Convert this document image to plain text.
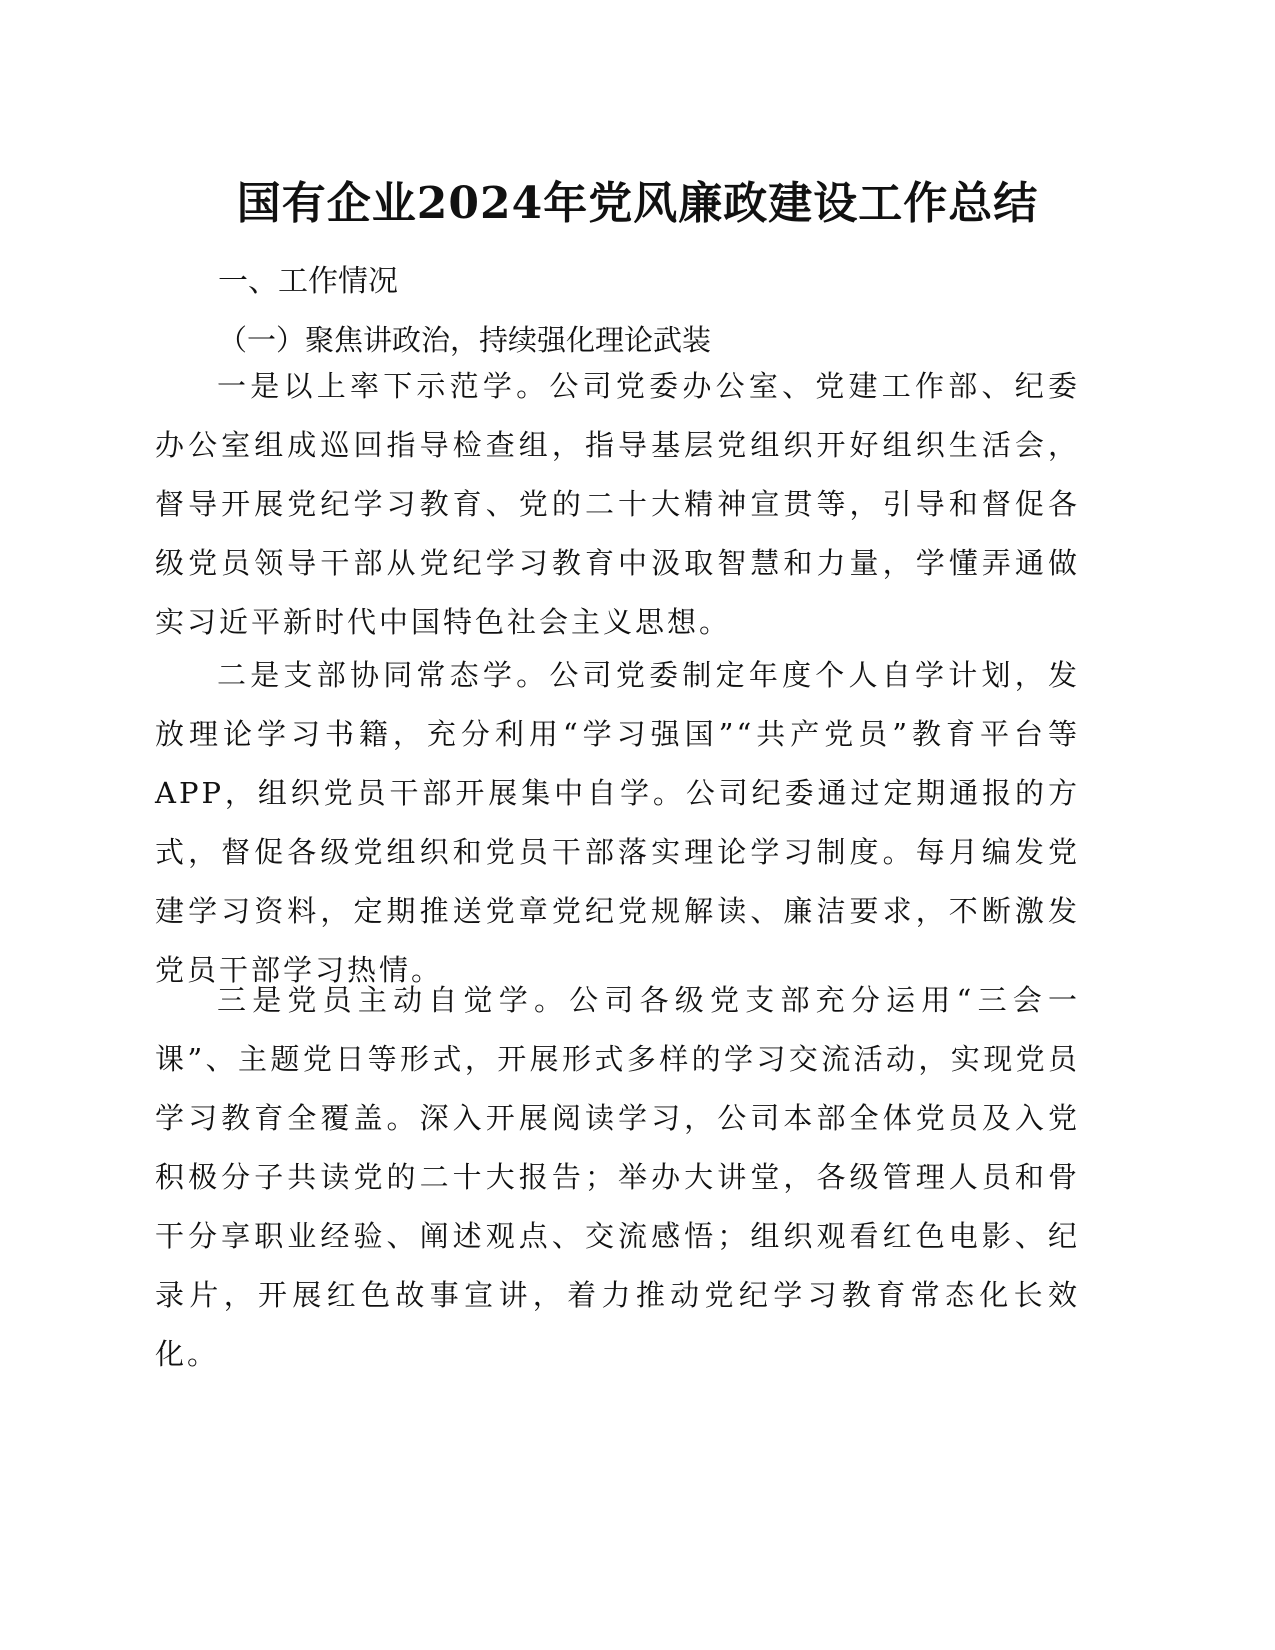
国有企业2024年党风廉政建设工作总结
一、工作情况
（一）聚焦讲政治，持续强化理论武装

一是以上率下示范学。公司党委办公室、党建工作部、纪委办公室组成巡回指导检查组，指导基层党组织开好组织生活会，督导开展党纪学习教育、党的二十大精神宣贯等，引导和督促各级党员领导干部从党纪学习教育中汲取智慧和力量，学懂弄通做实习近平新时代中国特色社会主义思想。

二是支部协同常态学。公司党委制定年度个人自学计划，发放理论学习书籍，充分利用“学习强国”“共产党员”教育平台等APP，组织党员干部开展集中自学。公司纪委通过定期通报的方式，督促各级党组织和党员干部落实理论学习制度。每月编发党建学习资料，定期推送党章党纪党规解读、廉洁要求，不断激发党员干部学习热情。

三是党员主动自觉学。公司各级党支部充分运用“三会一课”、主题党日等形式，开展形式多样的学习交流活动，实现党员学习教育全覆盖。深入开展阅读学习，公司本部全体党员及入党积极分子共读党的二十大报告；举办大讲堂，各级管理人员和骨干分享职业经验、阐述观点、交流感悟；组织观看红色电影、纪录片，开展红色故事宣讲，着力推动党纪学习教育常态化长效化。
